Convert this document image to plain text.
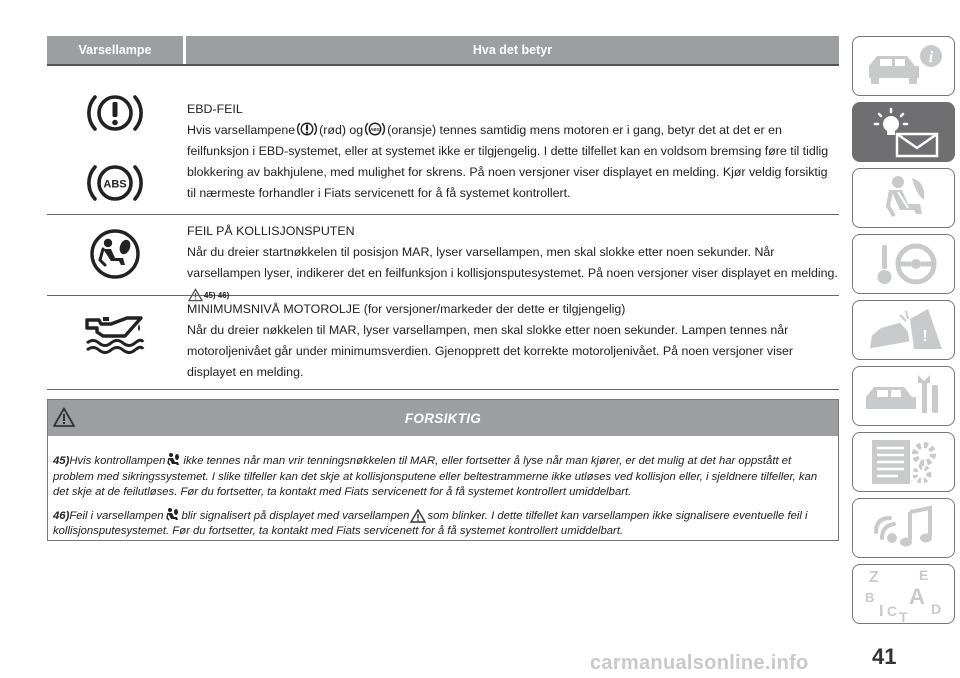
Varsellampe	Hva det betyr
ABS
EBD-FEIL
Hvis varsellampene (rød) og ABS (oransje) tennes samtidig mens motoren er i gang, betyr det at det er en feilfunksjon i EBD-systemet, eller at systemet ikke er tilgjengelig. I dette tilfellet kan en voldsom bremsing føre til tidlig blokkering av bakhjulene, med mulighet for skrens. På noen versjoner viser displayet en melding. Kjør veldig forsiktig til nærmeste forhandler i Fiats servicenett for å få systemet kontrollert.
FEIL PÅ KOLLISJONSPUTEN
Når du dreier startnøkkelen til posisjon MAR, lyser varsellampen, men skal slokke etter noen sekunder. Når varsellampen lyser, indikerer det en feilfunksjon i kollisjonsputesystemet. På noen versjoner viser displayet en melding. 45) 46)
MINIMUMSNIVÅ MOTOROLJE (for versjoner/markeder der dette er tilgjengelig)
Når du dreier nøkkelen til MAR, lyser varsellampen, men skal slokke etter noen sekunder. Lampen tennes når motoroljenivået går under minimumsverdien. Gjenopprett det korrekte motoroljenivået. På noen versjoner viser displayet en melding.
FORSIKTIG

45)Hvis kontrollampen ikke tennes når man vrir tenningsnøkkelen til MAR, eller fortsetter å lyse når man kjører, er det mulig at det har oppstått et problem med sikringssystemet. I slike tilfeller kan det skje at kollisjonsputene eller beltestrammerne ikke utløses ved kollisjon eller, i sjeldnere tilfeller, kan det skje at de feilutløses. Før du fortsetter, ta kontakt med Fiats servicenett for å få systemet kontrollert umiddelbart.

46)Feil i varsellampen blir signalisert på displayet med varsellampen som blinker. I dette tilfellet kan varsellampen ikke signalisere eventuelle feil i kollisjonsputesystemet. Før du fortsetter, ta kontakt med Fiats servicenett for å få systemet kontrollert umiddelbart.

i
!
Z	E
B A
I C D
T
carmanualsonline.info	41
